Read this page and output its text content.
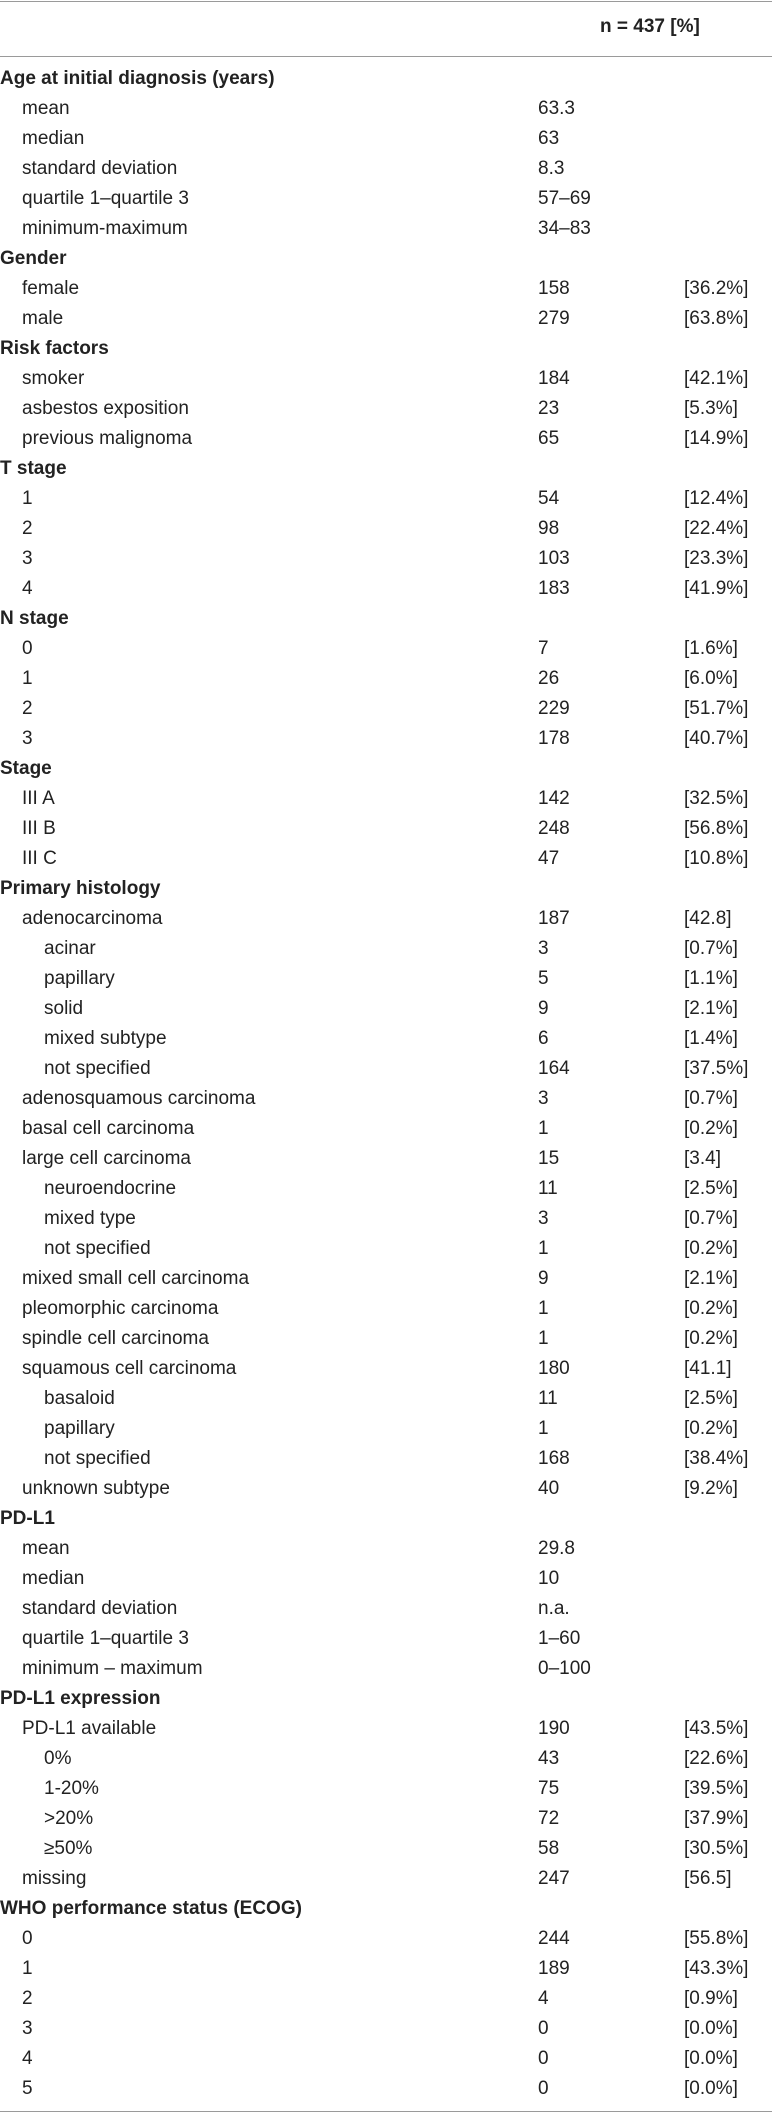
n = 437 [%]
Age at initial diagnosis (years)
mean	63.3
median	63
standard deviation	8.3
quartile 1–quartile 3	57–69
minimum-maximum	34–83
Gender
female	158	[36.2%]
male	279	[63.8%]
Risk factors
smoker	184	[42.1%]
asbestos exposition	23	[5.3%]
previous malignoma	65	[14.9%]
T stage
1	54	[12.4%]
2	98	[22.4%]
3	103	[23.3%]
4	183	[41.9%]
N stage
0	7	[1.6%]
1	26	[6.0%]
2	229	[51.7%]
3	178	[40.7%]
Stage
III A	142	[32.5%]
III B	248	[56.8%]
III C	47	[10.8%]
Primary histology
adenocarcinoma	187	[42.8]
acinar	3	[0.7%]
papillary	5	[1.1%]
solid	9	[2.1%]
mixed subtype	6	[1.4%]
not specified	164	[37.5%]
adenosquamous carcinoma	3	[0.7%]
basal cell carcinoma	1	[0.2%]
large cell carcinoma	15	[3.4]
neuroendocrine	11	[2.5%]
mixed type	3	[0.7%]
not specified	1	[0.2%]
mixed small cell carcinoma	9	[2.1%]
pleomorphic carcinoma	1	[0.2%]
spindle cell carcinoma	1	[0.2%]
squamous cell carcinoma	180	[41.1]
basaloid	11	[2.5%]
papillary	1	[0.2%]
not specified	168	[38.4%]
unknown subtype	40	[9.2%]
PD-L1
mean	29.8
median	10
standard deviation	n.a.
quartile 1–quartile 3	1–60
minimum – maximum	0–100
PD-L1 expression
PD-L1 available	190	[43.5%]
0%	43	[22.6%]
1-20%	75	[39.5%]
>20%	72	[37.9%]
≥50%	58	[30.5%]
missing	247	[56.5]
WHO performance status (ECOG)
0	244	[55.8%]
1	189	[43.3%]
2	4	[0.9%]
3	0	[0.0%]
4	0	[0.0%]
5	0	[0.0%]
